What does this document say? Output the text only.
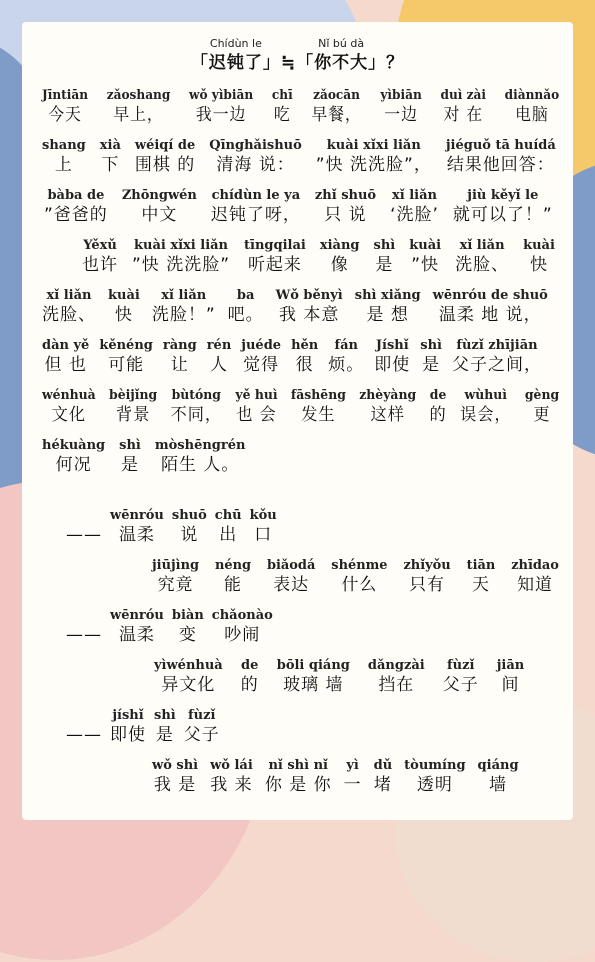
「
Chídùn le
迟钝了 」≒「
Nǐ bú dà
你不大 」？
Jīntiān
今天
zǎoshang
早上，
wǒ yìbiān
我一边
chī
吃
zǎocān
早餐，
yìbiān
一边
duì zài
对 在
diànnǎo
电脑
shang
上
xià
下
wéiqí de
围棋 的
Qīnghǎishuō
清海 说：
kuài xǐxi liǎn
”快 洗洗脸”，
jiéguǒ tā huídá
结果他回答：
bàba de
”爸爸的
Zhōngwén
中文
chídùn le ya
迟钝了呀，
zhǐ shuō
只 说
xǐ liǎn
‘洗脸’
jiù kěyǐ le
就可以了！”
Yěxǔ
也许
kuài xǐxi liǎn
”快 洗洗脸”
tīngqilai
听起来
xiàng
像
shì
是
kuài
”快
xǐ liǎn
洗脸、
kuài
快
xǐ liǎn
洗脸、
kuài
快
xǐ liǎn
洗脸！”
ba
吧。
Wǒ běnyì
我 本意
shì xiǎng
是 想
wēnróu de shuō
温柔 地 说，
dàn yě
但 也
kěnéng
可能
ràng
让
rén
人
juéde
觉得
hěn
很
fán
烦。
Jíshǐ
即使
shì
是
fùzǐ zhījiān
父子之间，
wénhuà
文化
bèijǐng
背景
bùtóng
不同，
yě huì
也 会
fāshēng
发生
zhèyàng
这样
de
的
wùhuì
误会，
gèng
更
hékuàng
何况
shì
是
mòshēngrén
陌生 人。
——
wēnróu
温柔
shuō
说
chū
出
kǒu
口
jiūjìng
究竟
néng
能
biǎodá
表达
shénme
什么
zhǐyǒu
只有
tiān
天
zhīdao
知道
——
wēnróu
温柔
biàn
变
chǎonào
吵闹
yìwénhuà
异文化
de
的
bōli qiáng
玻璃 墙
dǎngzài
挡在
fùzǐ
父子
jiān
间
——
jíshǐ
即使
shì
是
fùzǐ
父子
wǒ shì
我 是
wǒ lái
我 来
nǐ shì nǐ
你 是 你
yì
一
dǔ
堵
tòumíng
透明
qiáng
墙
